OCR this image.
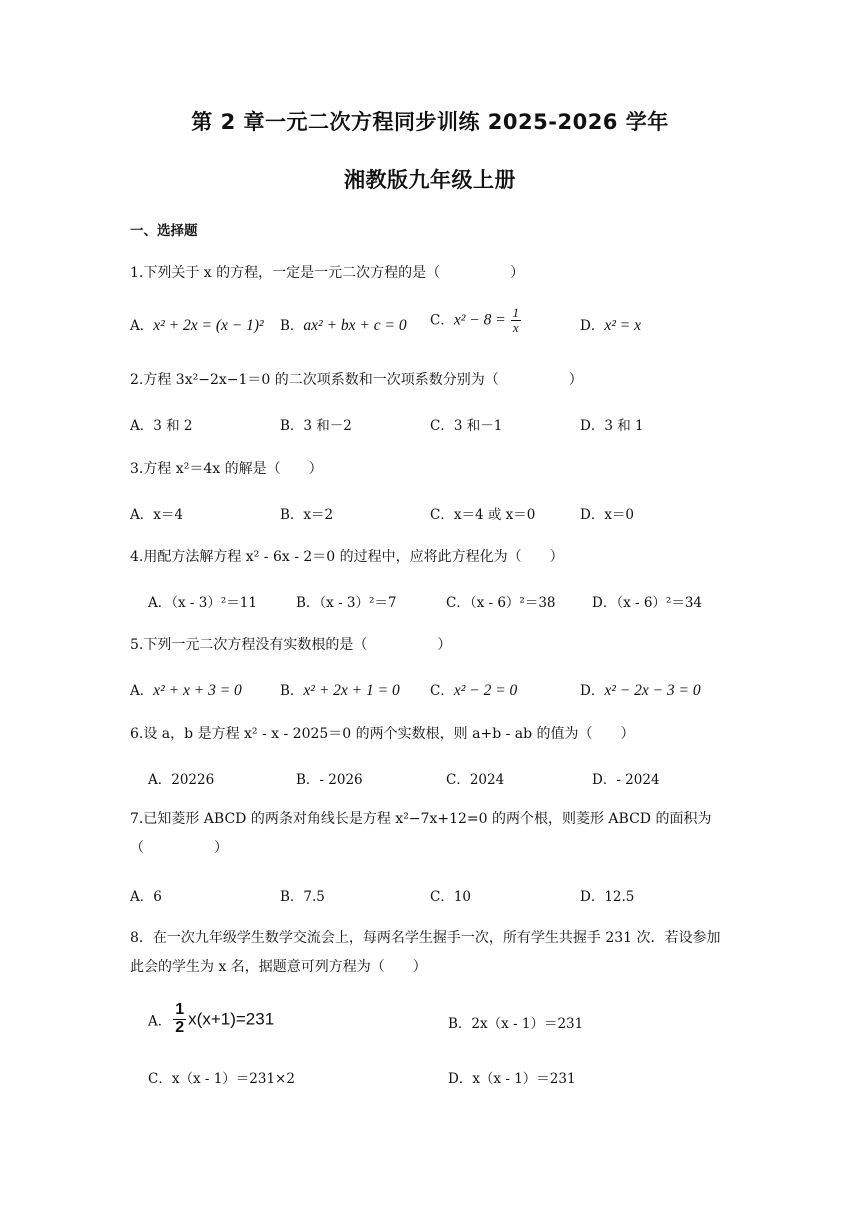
第 2 章一元二次方程同步训练 2025-2026 学年
湘教版九年级上册
一、选择题
1.下列关于 x 的方程，一定是一元二次方程的是（　　　　　）
A．x² + 2x = (x − 1)² B．ax² + bx + c = 0 C．$x^2 - 8 = \frac{1}{x}$	D．x² = x
2.方程 3x²−2x−1＝0 的二次项系数和一次项系数分别为（　　　　　）
A．3 和 2	B．3 和－2	C．3 和－1	D．3 和 1
3.方程 x²＝4x 的解是（　　）
A．x＝4	B．x＝2	C．x＝4 或 x＝0	D．x＝0
4.用配方法解方程 x² - 6x - 2＝0 的过程中，应将此方程化为（　　）
A．（x - 3）²＝11	B．（x - 3）²＝7	C．（x - 6）²＝38	D．（x - 6）²＝34
5.下列一元二次方程没有实数根的是（　　　　　）
A．x² + x + 3 = 0	B．x² + 2x + 1 = 0 C．x² − 2 = 0	D．x² − 2x − 3 = 0
6.设 a，b 是方程 x² - x - 2025＝0 的两个实数根，则 a+b - ab 的值为（　　）
A．20226	B．- 2026	C．2024	D．- 2024
7.已知菱形 ABCD 的两条对角线长是方程 x²−7x+12=0 的两个根，则菱形 ABCD 的面积为（　　　　　）
A．6	B．7.5	C．10	D．12.5
8．在一次九年级学生数学交流会上，每两名学生握手一次，所有学生共握手 231 次．若设参加此会的学生为 x 名，据题意可列方程为（　　）
A． $\frac{1}{2} x(x+1)=231$	B．2x（x - 1）＝231
C．x（x - 1）＝231×2	D．x（x - 1）＝231
